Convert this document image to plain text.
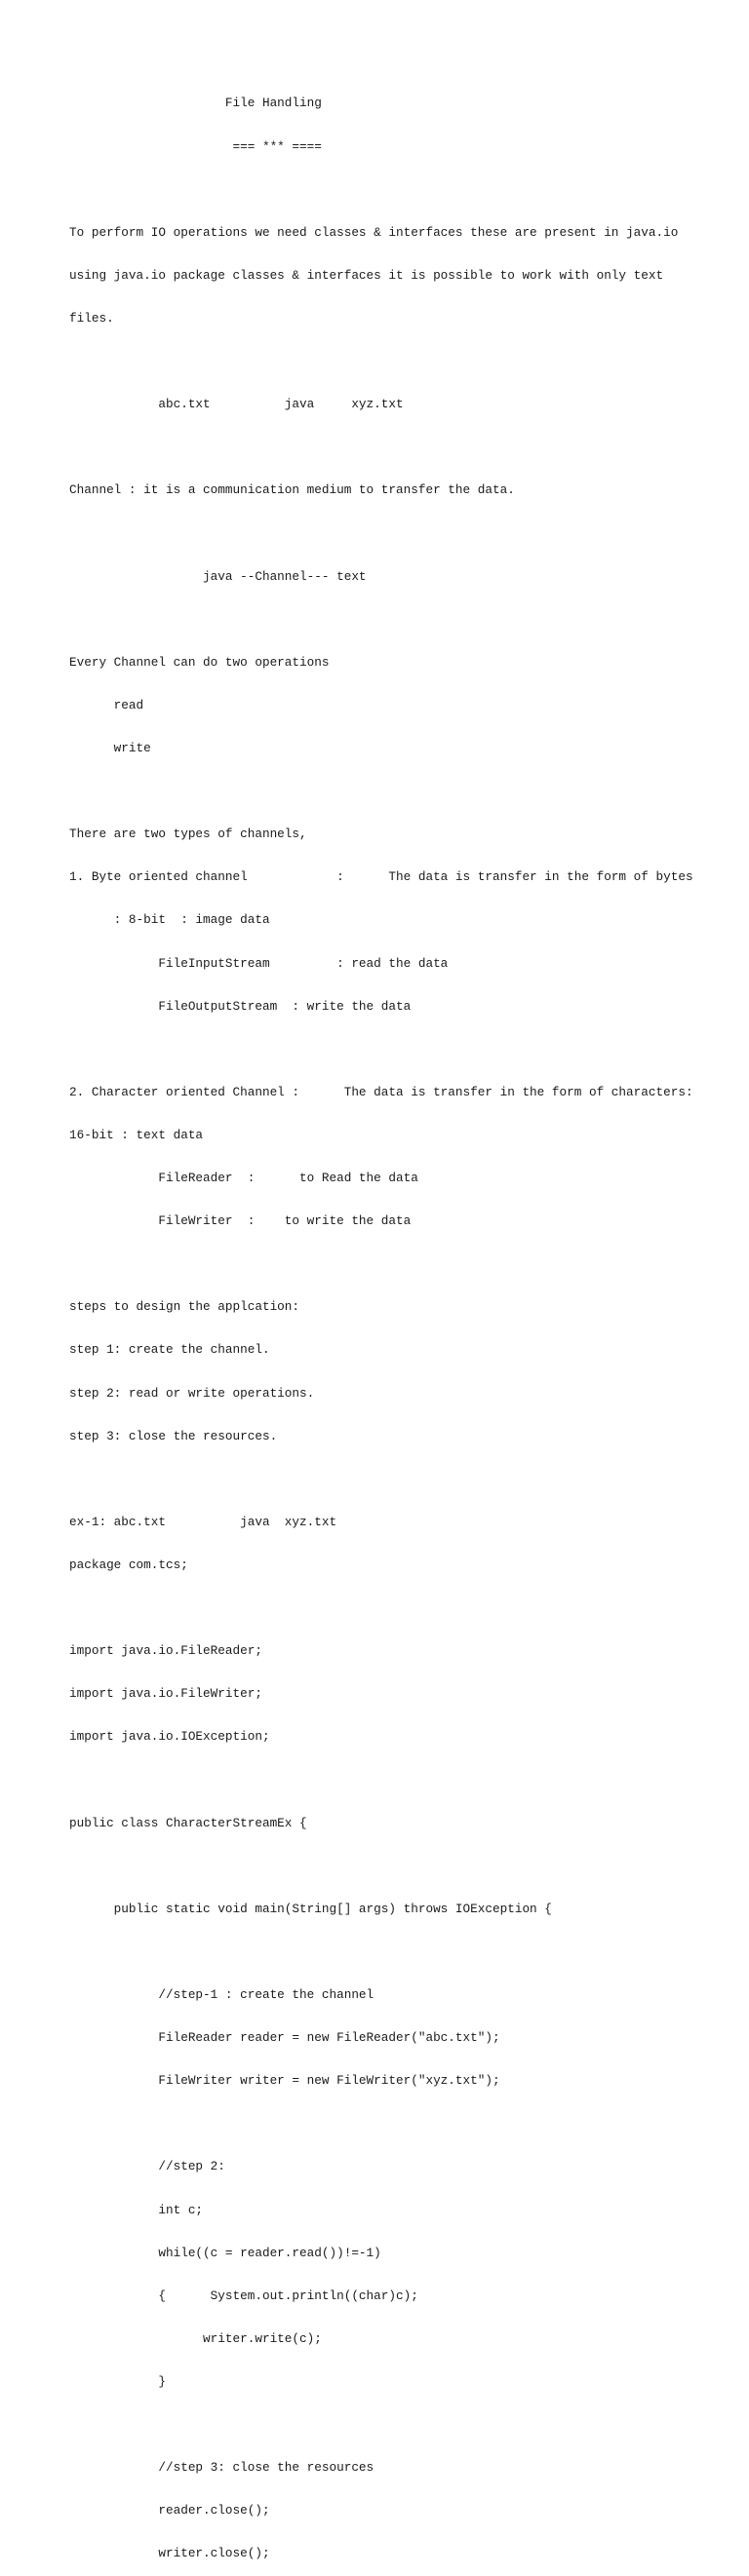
File Handling

=== *** ====

To perform IO operations we need classes & interfaces these are present in java.io

using java.io package classes & interfaces it is possible to work with only text

files.

abc.txt          java     xyz.txt

Channel : it is a communication medium to transfer the data.

java --Channel--- text

Every Channel can do two operations

read

write

There are two types of channels,

1. Byte oriented channel            :      The data is transfer in the form of bytes

: 8-bit  : image data

FileInputStream         : read the data

FileOutputStream  : write the data

2. Character oriented Channel :      The data is transfer in the form of characters:

16-bit : text data

FileReader  :      to Read the data

FileWriter  :    to write the data

steps to design the applcation:

step 1: create the channel.

step 2: read or write operations.

step 3: close the resources.

ex-1: abc.txt          java  xyz.txt

package com.tcs;

import java.io.FileReader;

import java.io.FileWriter;

import java.io.IOException;

public class CharacterStreamEx {

public static void main(String[] args) throws IOException {

//step-1 : create the channel

FileReader reader = new FileReader("abc.txt");

FileWriter writer = new FileWriter("xyz.txt");

//step 2:

int c;

while((c = reader.read())!=-1)

{      System.out.println((char)c);

writer.write(c);

}

//step 3: close the resources

reader.close();

writer.close();
